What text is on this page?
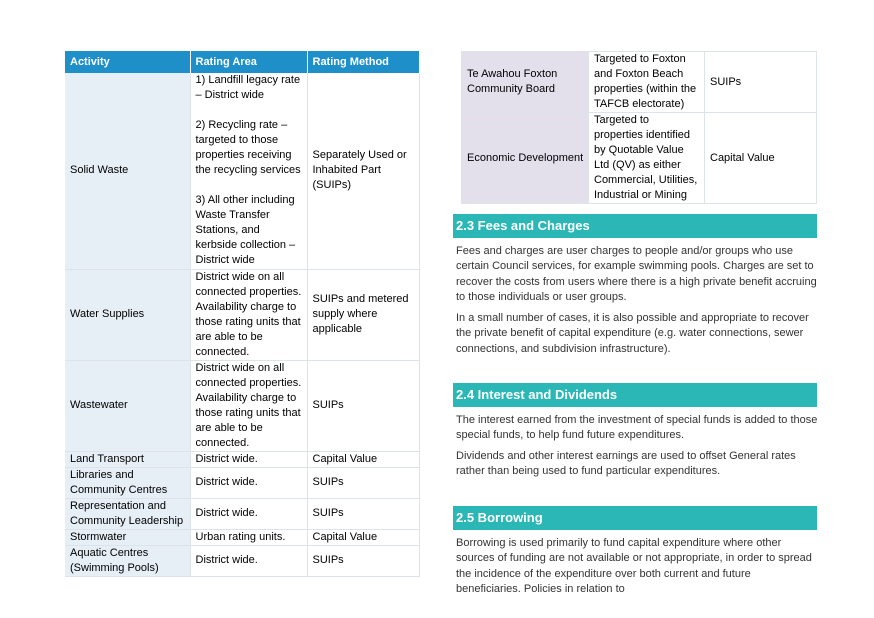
Activity	Rating Area	Rating Method
Solid Waste	1) Landfill legacy rate – District wide

2) Recycling rate – targeted to those properties receiving the recycling services

3) All other including Waste Transfer Stations, and kerbside collection – District wide	Separately Used or Inhabited Part (SUIPs)
Water Supplies	District wide on all connected properties. Availability charge to those rating units that are able to be connected.	SUIPs and metered supply where applicable
Wastewater	District wide on all connected properties. Availability charge to those rating units that are able to be connected.	SUIPs
Land Transport	District wide.	Capital Value
Libraries and Community Centres	District wide.	SUIPs
Representation and Community Leadership	District wide.	SUIPs
Stormwater	Urban rating units.	Capital Value
Aquatic Centres (Swimming Pools)	District wide.	SUIPs
Te Awahou Foxton Community Board	Targeted to Foxton and Foxton Beach properties (within the TAFCB electorate)	SUIPs
Economic Development	Targeted to properties identified by Quotable Value Ltd (QV) as either Commercial, Utilities, Industrial or Mining	Capital Value
2.3 Fees and Charges

Fees and charges are user charges to people and/or groups who use certain Council services, for example swimming pools. Charges are set to recover the costs from users where there is a high private benefit accruing to those individuals or user groups.

In a small number of cases, it is also possible and appropriate to recover the private benefit of capital expenditure (e.g. water connections, sewer connections, and subdivision infrastructure).

2.4 Interest and Dividends

The interest earned from the investment of special funds is added to those special funds, to help fund future expenditures.

Dividends and other interest earnings are used to offset General rates rather than being used to fund particular expenditures.

2.5 Borrowing

Borrowing is used primarily to fund capital expenditure where other sources of funding are not available or not appropriate, in order to spread the incidence of the expenditure over both current and future beneficiaries. Policies in relation to
